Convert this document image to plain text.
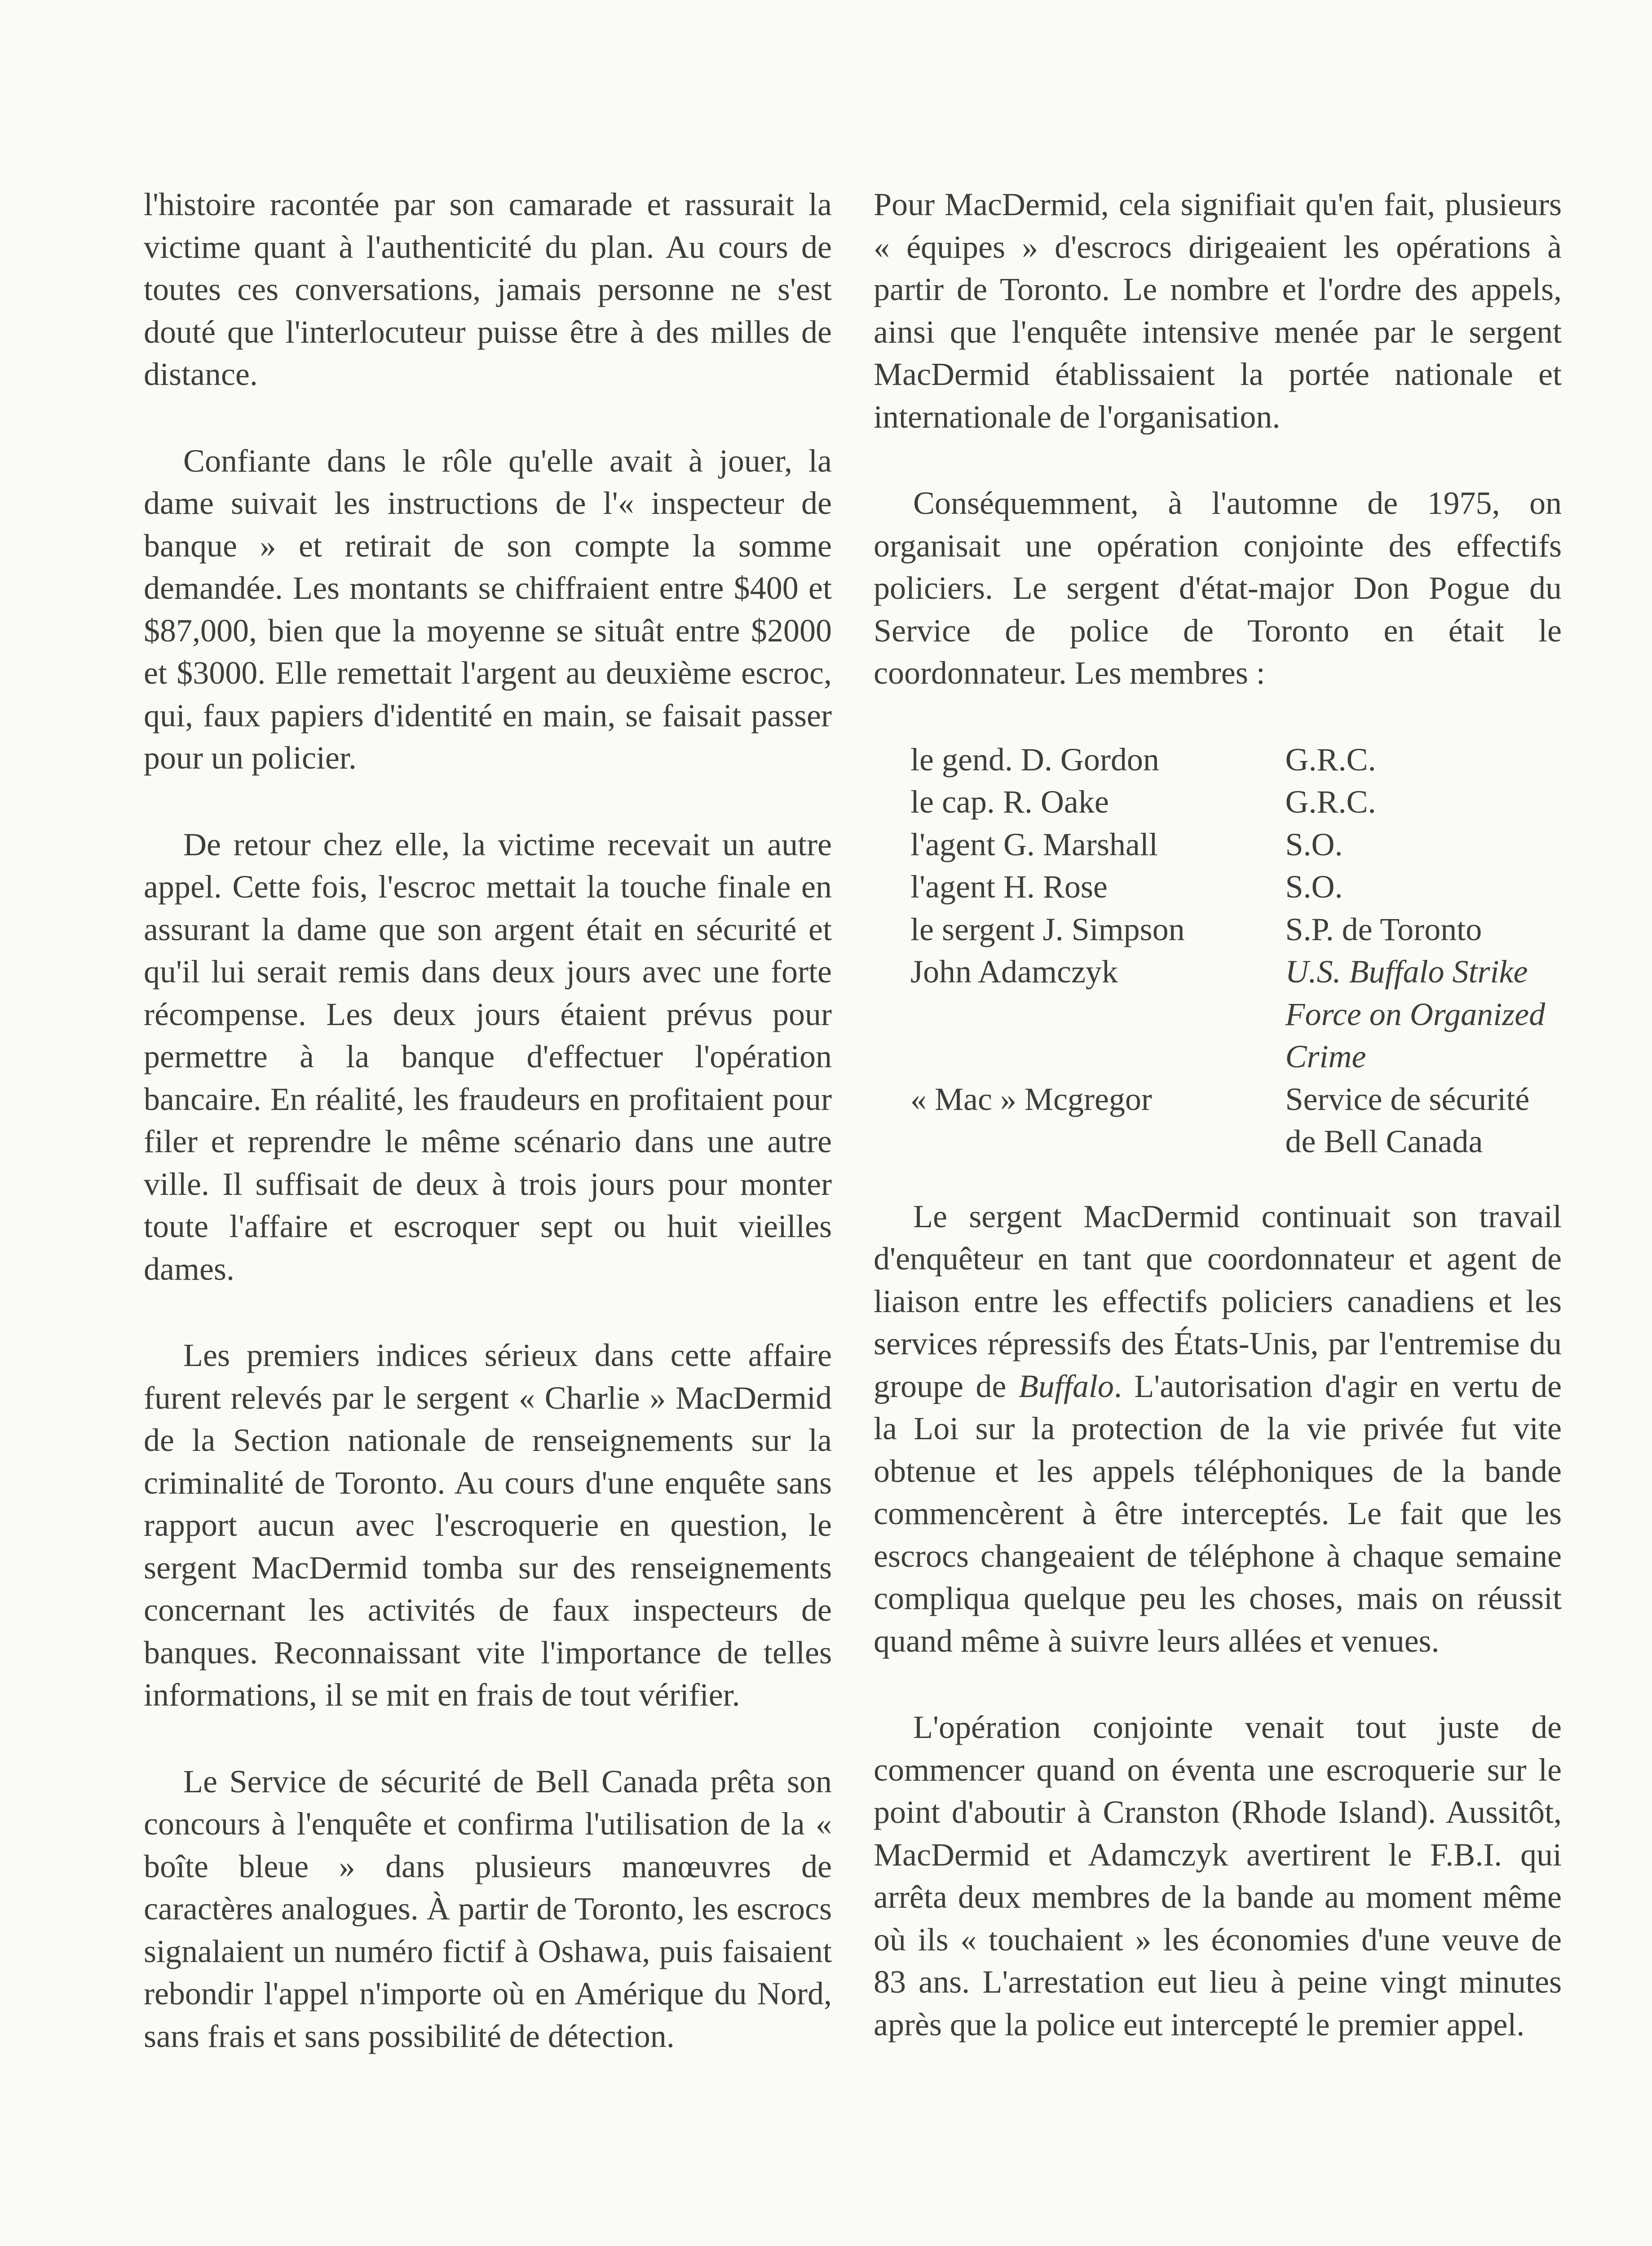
l'histoire racontée par son camarade et rassurait la victime quant à l'authenticité du plan. Au cours de toutes ces conversations, jamais personne ne s'est douté que l'interlocuteur puisse être à des milles de distance.

Confiante dans le rôle qu'elle avait à jouer, la dame suivait les instructions de l'« inspecteur de banque » et retirait de son compte la somme demandée. Les montants se chiffraient entre $400 et $87,000, bien que la moyenne se situât entre $2000 et $3000. Elle remettait l'argent au deuxième escroc, qui, faux papiers d'identité en main, se faisait passer pour un policier.

De retour chez elle, la victime recevait un autre appel. Cette fois, l'escroc mettait la touche finale en assurant la dame que son argent était en sécurité et qu'il lui serait remis dans deux jours avec une forte récompense. Les deux jours étaient prévus pour permettre à la banque d'effectuer l'opération bancaire. En réalité, les fraudeurs en profitaient pour filer et reprendre le même scénario dans une autre ville. Il suffisait de deux à trois jours pour monter toute l'affaire et escroquer sept ou huit vieilles dames.

Les premiers indices sérieux dans cette affaire furent relevés par le sergent « Charlie » MacDermid de la Section nationale de renseignements sur la criminalité de Toronto. Au cours d'une enquête sans rapport aucun avec l'escroquerie en question, le sergent MacDermid tomba sur des renseignements concernant les activités de faux inspecteurs de banques. Reconnaissant vite l'importance de telles informations, il se mit en frais de tout vérifier.

Le Service de sécurité de Bell Canada prêta son concours à l'enquête et confirma l'utilisation de la « boîte bleue » dans plusieurs manœuvres de caractères analogues. À partir de Toronto, les escrocs signalaient un numéro fictif à Oshawa, puis faisaient rebondir l'appel n'importe où en Amérique du Nord, sans frais et sans possibilité de détection.

Pour MacDermid, cela signifiait qu'en fait, plusieurs « équipes » d'escrocs dirigeaient les opérations à partir de Toronto. Le nombre et l'ordre des appels, ainsi que l'enquête intensive menée par le sergent MacDermid établissaient la portée nationale et internationale de l'organisation.

Conséquemment, à l'automne de 1975, on organisait une opération conjointe des effectifs policiers. Le sergent d'état-major Don Pogue du Service de police de Toronto en était le coordonnateur. Les membres :

le gend. D. Gordon	G.R.C.
le cap. R. Oake	G.R.C.
l'agent G. Marshall	S.O.
l'agent H. Rose	S.O.
le sergent J. Simpson	S.P. de Toronto
John Adamczyk	U.S. Buffalo Strike Force on Organized Crime
« Mac » Mcgregor	Service de sécurité de Bell Canada

Le sergent MacDermid continuait son travail d'enquêteur en tant que coordonnateur et agent de liaison entre les effectifs policiers canadiens et les services répressifs des États-Unis, par l'entremise du groupe de Buffalo. L'autorisation d'agir en vertu de la Loi sur la protection de la vie privée fut vite obtenue et les appels téléphoniques de la bande commencèrent à être interceptés. Le fait que les escrocs changeaient de téléphone à chaque semaine compliqua quelque peu les choses, mais on réussit quand même à suivre leurs allées et venues.

L'opération conjointe venait tout juste de commencer quand on éventa une escroquerie sur le point d'aboutir à Cranston (Rhode Island). Aussitôt, MacDermid et Adamczyk avertirent le F.B.I. qui arrêta deux membres de la bande au moment même où ils « touchaient » les économies d'une veuve de 83 ans. L'arrestation eut lieu à peine vingt minutes après que la police eut intercepté le premier appel.
